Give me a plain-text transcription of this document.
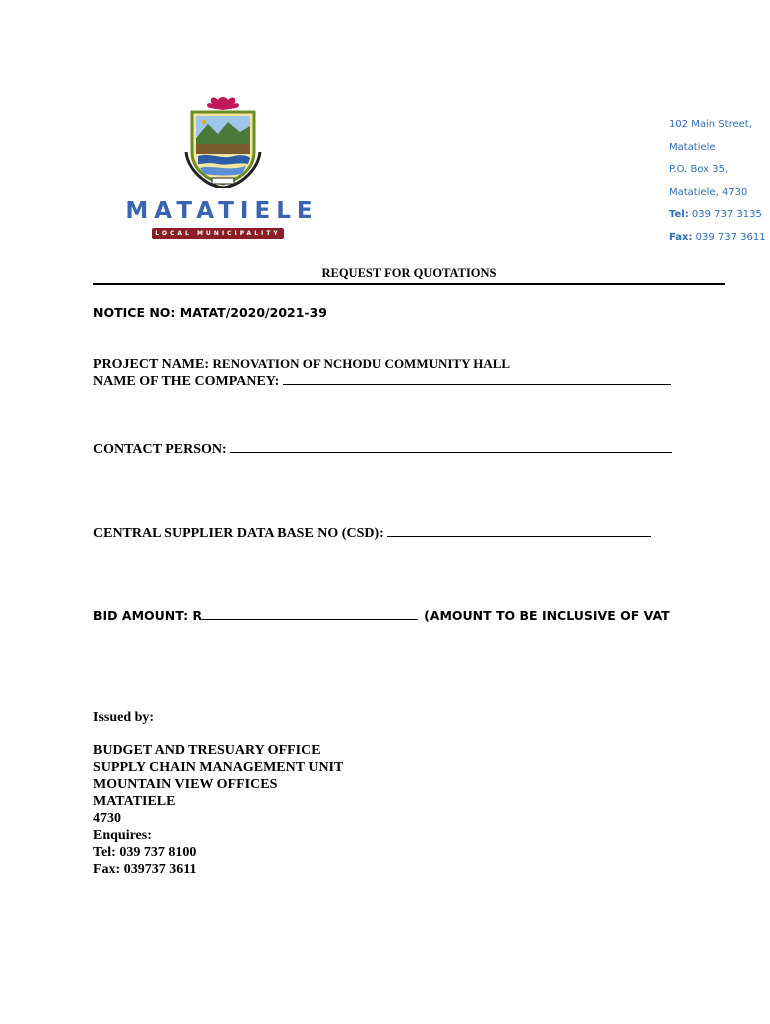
MATATIELE
LOCAL MUNICIPALITY
102 Main Street,
Matatiele
P.O. Box 35,
Matatiele, 4730
Tel: 039 737 3135
Fax: 039 737 3611
REQUEST FOR QUOTATIONS
NOTICE NO: MATAT/2020/2021-39
PROJECT NAME: RENOVATION OF NCHODU COMMUNITY HALL
NAME OF THE COMPANEY:
CONTACT PERSON:
CENTRAL SUPPLIER DATA BASE NO (CSD):
BID AMOUNT: R	(AMOUNT TO BE INCLUSIVE OF VAT
Issued by:
BUDGET AND TRESUARY OFFICE
SUPPLY CHAIN MANAGEMENT UNIT
MOUNTAIN VIEW OFFICES
MATATIELE
4730
Enquires:
Tel: 039 737 8100
Fax: 039737 3611
